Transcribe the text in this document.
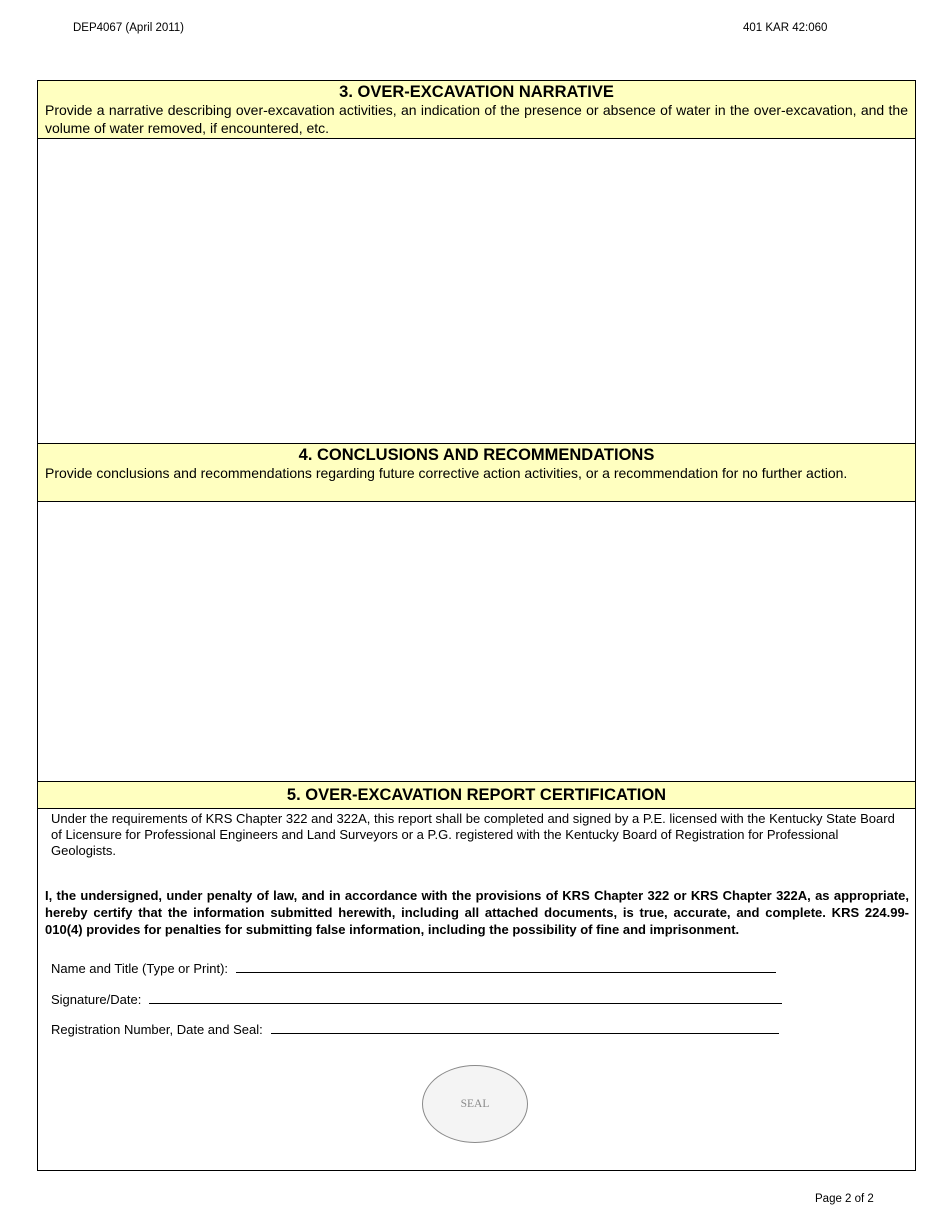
DEP4067 (April 2011)	401 KAR 42:060
3. OVER-EXCAVATION NARRATIVE
Provide a narrative describing over-excavation activities, an indication of the presence or absence of water in the over-excavation, and the volume of water removed, if encountered, etc.
4. CONCLUSIONS AND RECOMMENDATIONS
Provide conclusions and recommendations regarding future corrective action activities, or a recommendation for no further action.
5. OVER-EXCAVATION REPORT CERTIFICATION
Under the requirements of KRS Chapter 322 and 322A, this report shall be completed and signed by a P.E. licensed with the Kentucky State Board of Licensure for Professional Engineers and Land Surveyors or a P.G. registered with the Kentucky Board of Registration for Professional Geologists.
I, the undersigned, under penalty of law, and in accordance with the provisions of KRS Chapter 322 or KRS Chapter 322A, as appropriate, hereby certify that the information submitted herewith, including all attached documents, is true, accurate, and complete. KRS 224.99-010(4) provides for penalties for submitting false information, including the possibility of fine and imprisonment.
Name and Title (Type or Print):
Signature/Date:
Registration Number, Date and Seal:
SEAL
Page 2 of 2
